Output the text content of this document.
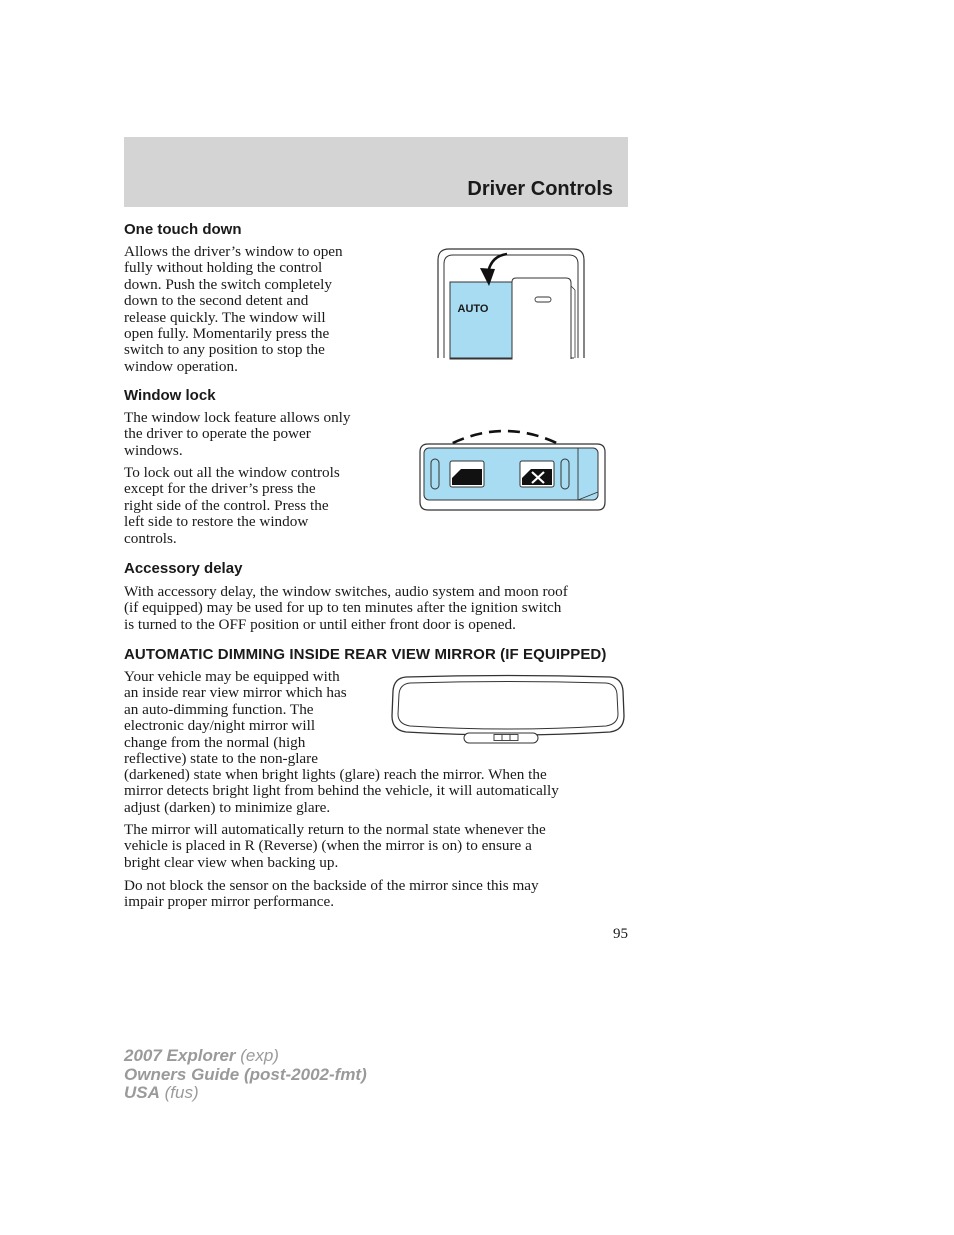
Driver Controls
One touch down

Allows the driver’s window to open
fully without holding the control
down. Push the switch completely
down to the second detent and
release quickly. The window will
open fully. Momentarily press the
switch to any position to stop the
window operation.

AUTO
Window lock

The window lock feature allows only
the driver to operate the power
windows.

To lock out all the window controls
except for the driver’s press the
right side of the control. Press the
left side to restore the window
controls.

Accessory delay

With accessory delay, the window switches, audio system and moon roof
(if equipped) may be used for up to ten minutes after the ignition switch
is turned to the OFF position or until either front door is opened.

AUTOMATIC DIMMING INSIDE REAR VIEW MIRROR (IF EQUIPPED)

Your vehicle may be equipped with
an inside rear view mirror which has
an auto-dimming function. The
electronic day/night mirror will
change from the normal (high
reflective) state to the non-glare

(darkened) state when bright lights (glare) reach the mirror. When the
mirror detects bright light from behind the vehicle, it will automatically
adjust (darken) to minimize glare.

The mirror will automatically return to the normal state whenever the
vehicle is placed in R (Reverse) (when the mirror is on) to ensure a
bright clear view when backing up.

Do not block the sensor on the backside of the mirror since this may
impair proper mirror performance.

95
2007 Explorer (exp)
Owners Guide (post-2002-fmt)
USA (fus)
